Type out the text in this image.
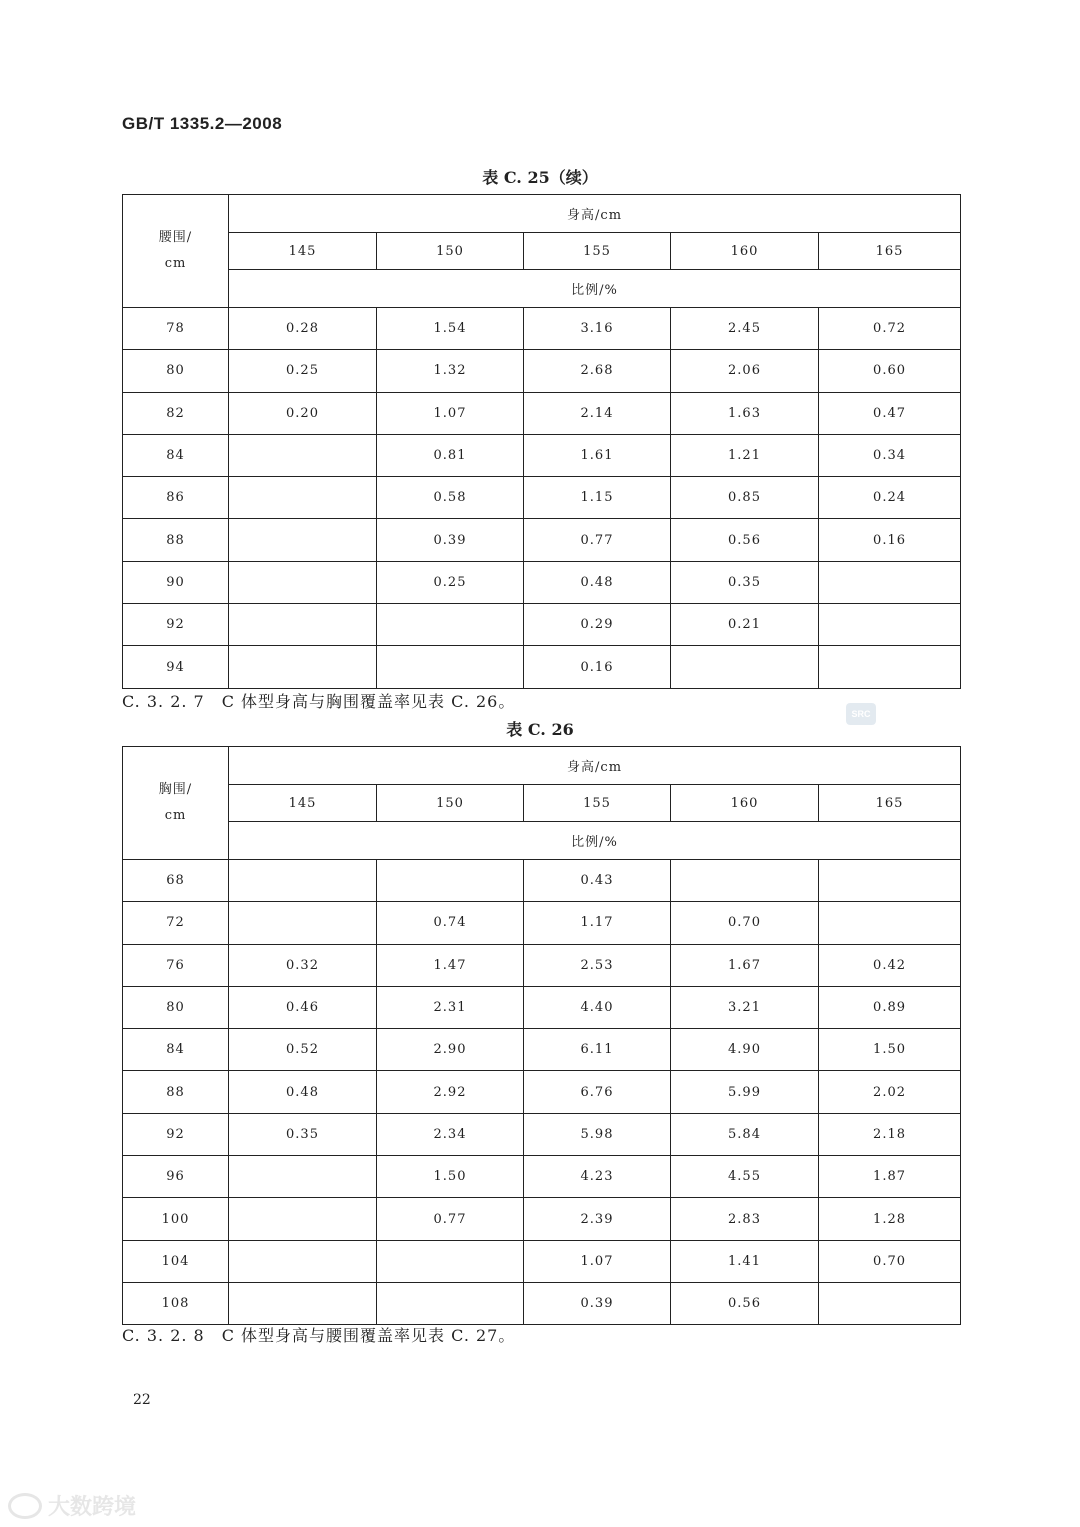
GB/T 1335.2—2008
表 C. 25（续）
腰围/
cm	身高/cm				
	145	150	155	160	165
	比例/%				
78	0.28	1.54	3.16	2.45	0.72
80	0.25	1.32	2.68	2.06	0.60
82	0.20	1.07	2.14	1.63	0.47
84		0.81	1.61	1.21	0.34
86		0.58	1.15	0.85	0.24
88		0.39	0.77	0.56	0.16
90		0.25	0.48	0.35	
92			0.29	0.21	
94			0.16		
C. 3. 2. 7　C 体型身高与胸围覆盖率见表 C. 26。
SRC
表 C. 26
胸围/
cm	身高/cm				
	145	150	155	160	165
	比例/%				
68			0.43		
72		0.74	1.17	0.70	
76	0.32	1.47	2.53	1.67	0.42
80	0.46	2.31	4.40	3.21	0.89
84	0.52	2.90	6.11	4.90	1.50
88	0.48	2.92	6.76	5.99	2.02
92	0.35	2.34	5.98	5.84	2.18
96		1.50	4.23	4.55	1.87
100		0.77	2.39	2.83	1.28
104			1.07	1.41	0.70
108			0.39	0.56	
C. 3. 2. 8　C 体型身高与腰围覆盖率见表 C. 27。
22
大数跨境
